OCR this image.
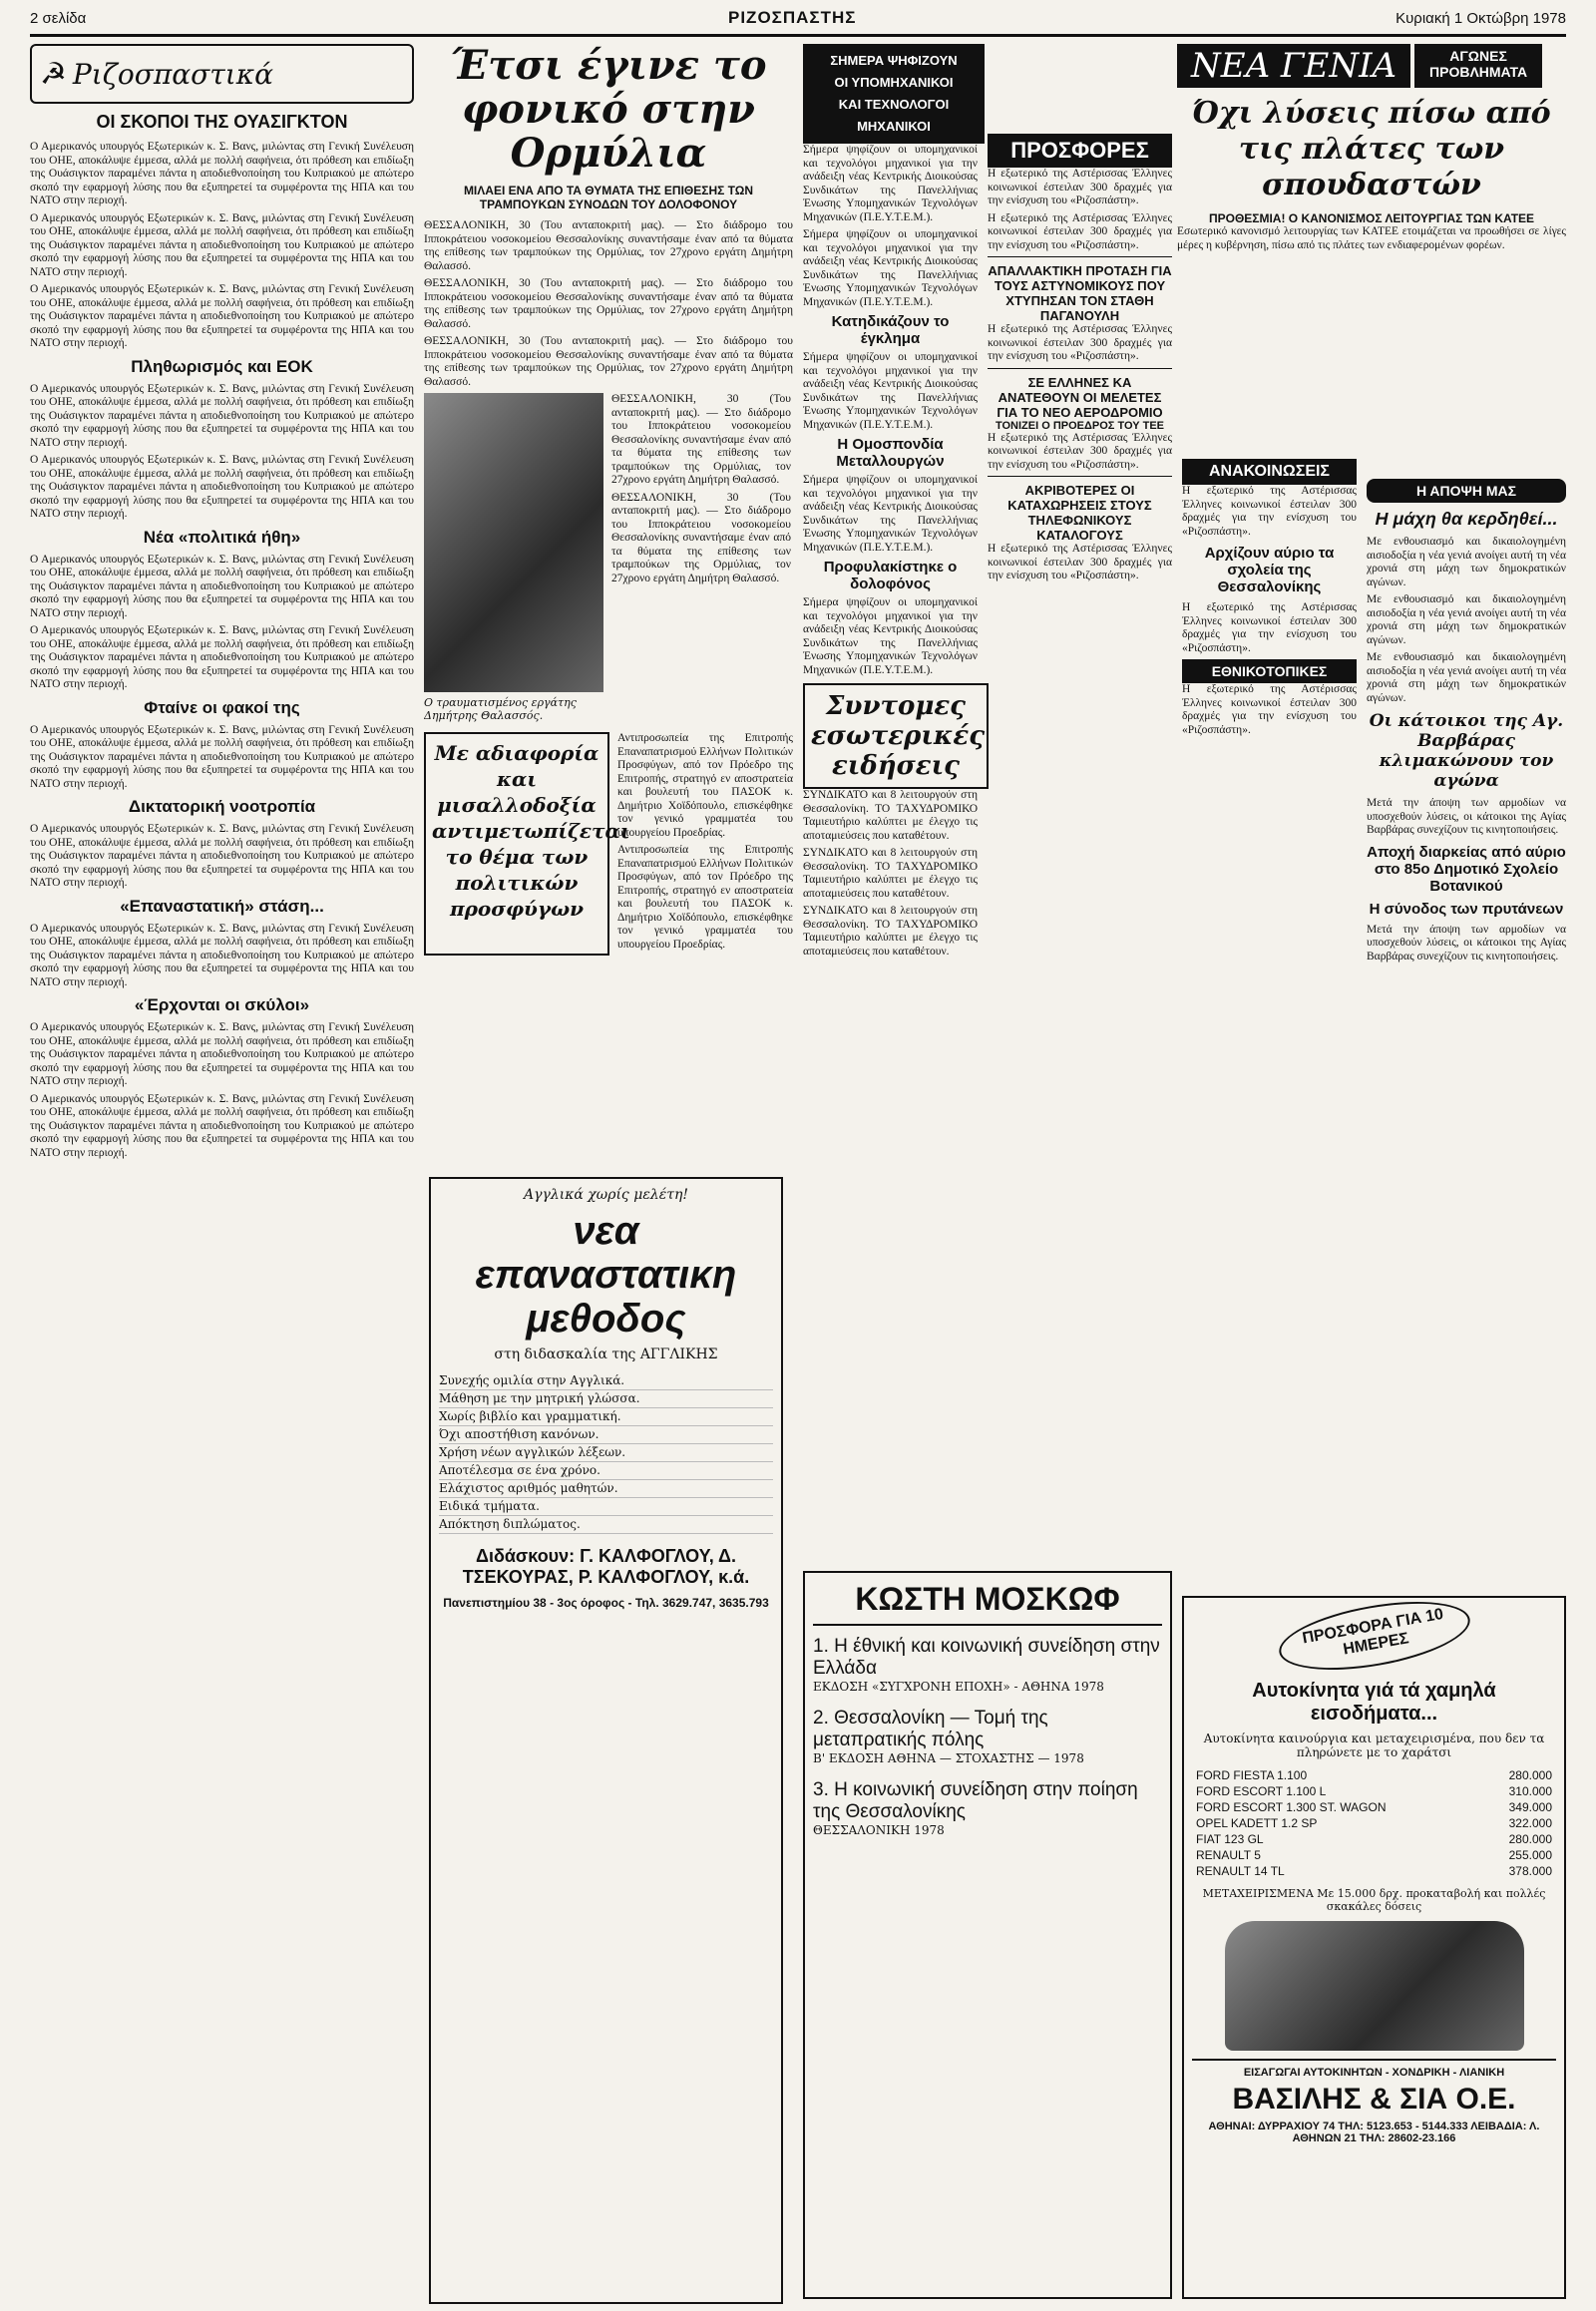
2 σελίδα	ΡΙΖΟΣΠΑΣΤΗΣ	Κυριακή 1 Οκτώβρη 1978
☭ Ριζοσπαστικά
ΟΙ ΣΚΟΠΟΙ ΤΗΣ ΟΥΑΣΙΓΚΤΟΝ

Ο Αμερικανός υπουργός Εξωτερικών κ. Σ. Βανς, μιλώντας στη Γενική Συνέλευση του ΟΗΕ, αποκάλυψε έμμεσα, αλλά με πολλή σαφήνεια, ότι πρόθεση και επιδίωξη της Ουάσιγκτον παραμένει πάντα η αποδιεθνοποίηση του Κυπριακού με απώτερο σκοπό την εφαρμογή λύσης που θα εξυπηρετεί τα συμφέροντα της ΗΠΑ και του ΝΑΤΟ στην περιοχή.

Ο Αμερικανός υπουργός Εξωτερικών κ. Σ. Βανς, μιλώντας στη Γενική Συνέλευση του ΟΗΕ, αποκάλυψε έμμεσα, αλλά με πολλή σαφήνεια, ότι πρόθεση και επιδίωξη της Ουάσιγκτον παραμένει πάντα η αποδιεθνοποίηση του Κυπριακού με απώτερο σκοπό την εφαρμογή λύσης που θα εξυπηρετεί τα συμφέροντα της ΗΠΑ και του ΝΑΤΟ στην περιοχή.

Ο Αμερικανός υπουργός Εξωτερικών κ. Σ. Βανς, μιλώντας στη Γενική Συνέλευση του ΟΗΕ, αποκάλυψε έμμεσα, αλλά με πολλή σαφήνεια, ότι πρόθεση και επιδίωξη της Ουάσιγκτον παραμένει πάντα η αποδιεθνοποίηση του Κυπριακού με απώτερο σκοπό την εφαρμογή λύσης που θα εξυπηρετεί τα συμφέροντα της ΗΠΑ και του ΝΑΤΟ στην περιοχή.

Πληθωρισμός και ΕΟΚ

Ο Αμερικανός υπουργός Εξωτερικών κ. Σ. Βανς, μιλώντας στη Γενική Συνέλευση του ΟΗΕ, αποκάλυψε έμμεσα, αλλά με πολλή σαφήνεια, ότι πρόθεση και επιδίωξη της Ουάσιγκτον παραμένει πάντα η αποδιεθνοποίηση του Κυπριακού με απώτερο σκοπό την εφαρμογή λύσης που θα εξυπηρετεί τα συμφέροντα της ΗΠΑ και του ΝΑΤΟ στην περιοχή.

Ο Αμερικανός υπουργός Εξωτερικών κ. Σ. Βανς, μιλώντας στη Γενική Συνέλευση του ΟΗΕ, αποκάλυψε έμμεσα, αλλά με πολλή σαφήνεια, ότι πρόθεση και επιδίωξη της Ουάσιγκτον παραμένει πάντα η αποδιεθνοποίηση του Κυπριακού με απώτερο σκοπό την εφαρμογή λύσης που θα εξυπηρετεί τα συμφέροντα της ΗΠΑ και του ΝΑΤΟ στην περιοχή.

Νέα «πολιτικά ήθη»

Ο Αμερικανός υπουργός Εξωτερικών κ. Σ. Βανς, μιλώντας στη Γενική Συνέλευση του ΟΗΕ, αποκάλυψε έμμεσα, αλλά με πολλή σαφήνεια, ότι πρόθεση και επιδίωξη της Ουάσιγκτον παραμένει πάντα η αποδιεθνοποίηση του Κυπριακού με απώτερο σκοπό την εφαρμογή λύσης που θα εξυπηρετεί τα συμφέροντα της ΗΠΑ και του ΝΑΤΟ στην περιοχή.

Ο Αμερικανός υπουργός Εξωτερικών κ. Σ. Βανς, μιλώντας στη Γενική Συνέλευση του ΟΗΕ, αποκάλυψε έμμεσα, αλλά με πολλή σαφήνεια, ότι πρόθεση και επιδίωξη της Ουάσιγκτον παραμένει πάντα η αποδιεθνοποίηση του Κυπριακού με απώτερο σκοπό την εφαρμογή λύσης που θα εξυπηρετεί τα συμφέροντα της ΗΠΑ και του ΝΑΤΟ στην περιοχή.

Φταίνε οι φακοί της

Ο Αμερικανός υπουργός Εξωτερικών κ. Σ. Βανς, μιλώντας στη Γενική Συνέλευση του ΟΗΕ, αποκάλυψε έμμεσα, αλλά με πολλή σαφήνεια, ότι πρόθεση και επιδίωξη της Ουάσιγκτον παραμένει πάντα η αποδιεθνοποίηση του Κυπριακού με απώτερο σκοπό την εφαρμογή λύσης που θα εξυπηρετεί τα συμφέροντα της ΗΠΑ και του ΝΑΤΟ στην περιοχή.

Δικτατορική νοοτροπία

Ο Αμερικανός υπουργός Εξωτερικών κ. Σ. Βανς, μιλώντας στη Γενική Συνέλευση του ΟΗΕ, αποκάλυψε έμμεσα, αλλά με πολλή σαφήνεια, ότι πρόθεση και επιδίωξη της Ουάσιγκτον παραμένει πάντα η αποδιεθνοποίηση του Κυπριακού με απώτερο σκοπό την εφαρμογή λύσης που θα εξυπηρετεί τα συμφέροντα της ΗΠΑ και του ΝΑΤΟ στην περιοχή.

«Επαναστατική» στάση...

Ο Αμερικανός υπουργός Εξωτερικών κ. Σ. Βανς, μιλώντας στη Γενική Συνέλευση του ΟΗΕ, αποκάλυψε έμμεσα, αλλά με πολλή σαφήνεια, ότι πρόθεση και επιδίωξη της Ουάσιγκτον παραμένει πάντα η αποδιεθνοποίηση του Κυπριακού με απώτερο σκοπό την εφαρμογή λύσης που θα εξυπηρετεί τα συμφέροντα της ΗΠΑ και του ΝΑΤΟ στην περιοχή.

«Έρχονται οι σκύλοι»

Ο Αμερικανός υπουργός Εξωτερικών κ. Σ. Βανς, μιλώντας στη Γενική Συνέλευση του ΟΗΕ, αποκάλυψε έμμεσα, αλλά με πολλή σαφήνεια, ότι πρόθεση και επιδίωξη της Ουάσιγκτον παραμένει πάντα η αποδιεθνοποίηση του Κυπριακού με απώτερο σκοπό την εφαρμογή λύσης που θα εξυπηρετεί τα συμφέροντα της ΗΠΑ και του ΝΑΤΟ στην περιοχή.

Ο Αμερικανός υπουργός Εξωτερικών κ. Σ. Βανς, μιλώντας στη Γενική Συνέλευση του ΟΗΕ, αποκάλυψε έμμεσα, αλλά με πολλή σαφήνεια, ότι πρόθεση και επιδίωξη της Ουάσιγκτον παραμένει πάντα η αποδιεθνοποίηση του Κυπριακού με απώτερο σκοπό την εφαρμογή λύσης που θα εξυπηρετεί τα συμφέροντα της ΗΠΑ και του ΝΑΤΟ στην περιοχή.

Έτσι έγινε το φονικό στην Ορμύλια
ΜΙΛΑΕΙ ΕΝΑ ΑΠΟ ΤΑ ΘΥΜΑΤΑ ΤΗΣ ΕΠΙΘΕΣΗΣ ΤΩΝ ΤΡΑΜΠΟΥΚΩΝ ΣΥΝΟΔΩΝ ΤΟΥ ΔΟΛΟΦΟΝΟΥ

ΘΕΣΣΑΛΟΝΙΚΗ, 30 (Του ανταποκριτή μας). — Στο διάδρομο του Ιπποκράτειου νοσοκομείου Θεσσαλονίκης συναντήσαμε έναν από τα θύματα της επίθεσης των τραμπούκων της Ορμύλιας, τον 27χρονο εργάτη Δημήτρη Θαλασσό.

ΘΕΣΣΑΛΟΝΙΚΗ, 30 (Του ανταποκριτή μας). — Στο διάδρομο του Ιπποκράτειου νοσοκομείου Θεσσαλονίκης συναντήσαμε έναν από τα θύματα της επίθεσης των τραμπούκων της Ορμύλιας, τον 27χρονο εργάτη Δημήτρη Θαλασσό.

ΘΕΣΣΑΛΟΝΙΚΗ, 30 (Του ανταποκριτή μας). — Στο διάδρομο του Ιπποκράτειου νοσοκομείου Θεσσαλονίκης συναντήσαμε έναν από τα θύματα της επίθεσης των τραμπούκων της Ορμύλιας, τον 27χρονο εργάτη Δημήτρη Θαλασσό.

Ο τραυματισμένος εργάτης Δημήτρης Θαλασσός.

ΘΕΣΣΑΛΟΝΙΚΗ, 30 (Του ανταποκριτή μας). — Στο διάδρομο του Ιπποκράτειου νοσοκομείου Θεσσαλονίκης συναντήσαμε έναν από τα θύματα της επίθεσης των τραμπούκων της Ορμύλιας, τον 27χρονο εργάτη Δημήτρη Θαλασσό.

ΘΕΣΣΑΛΟΝΙΚΗ, 30 (Του ανταποκριτή μας). — Στο διάδρομο του Ιπποκράτειου νοσοκομείου Θεσσαλονίκης συναντήσαμε έναν από τα θύματα της επίθεσης των τραμπούκων της Ορμύλιας, τον 27χρονο εργάτη Δημήτρη Θαλασσό.

Με αδιαφορία και μισαλλοδοξία αντιμετωπίζεται το θέμα των πολιτικών προσφύγων

Αντιπροσωπεία της Επιτροπής Επαναπατρισμού Ελλήνων Πολιτικών Προσφύγων, από τον Πρόεδρο της Επιτροπής, στρατηγό εν αποστρατεία και βουλευτή του ΠΑΣΟΚ κ. Δημήτριο Χοϊδόπουλο, επισκέφθηκε τον γενικό γραμματέα του υπουργείου Προεδρίας.

Αντιπροσωπεία της Επιτροπής Επαναπατρισμού Ελλήνων Πολιτικών Προσφύγων, από τον Πρόεδρο της Επιτροπής, στρατηγό εν αποστρατεία και βουλευτή του ΠΑΣΟΚ κ. Δημήτριο Χοϊδόπουλο, επισκέφθηκε τον γενικό γραμματέα του υπουργείου Προεδρίας.

Αγγλικά χωρίς μελέτη!
νεα επαναστατικη μεθοδος
στη διδασκαλία της ΑΓΓΛΙΚΗΣ
Συνεχής ομιλία στην Αγγλικά.
Μάθηση με την μητρική γλώσσα.
Χωρίς βιβλίο και γραμματική.
Όχι αποστήθιση κανόνων.
Χρήση νέων αγγλικών λέξεων.
Αποτέλεσμα σε ένα χρόνο.
Ελάχιστος αριθμός μαθητών.
Ειδικά τμήματα.
Απόκτηση διπλώματος.
Διδάσκουν: Γ. ΚΑΛΦΟΓΛΟΥ, Δ. ΤΣΕΚΟΥΡΑΣ, Ρ. ΚΑΛΦΟΓΛΟΥ, κ.ά.
Πανεπιστημίου 38 - 3ος όροφος - Τηλ. 3629.747, 3635.793
ΣΗΜΕΡΑ ΨΗΦΙΖΟΥΝ
ΟΙ ΥΠΟΜΗΧΑΝΙΚΟΙ
ΚΑΙ ΤΕΧΝΟΛΟΓΟΙ
ΜΗΧΑΝΙΚΟΙ

Σήμερα ψηφίζουν οι υπομηχανικοί και τεχνολόγοι μηχανικοί για την ανάδειξη νέας Κεντρικής Διοικούσας Συνδικάτων της Πανελλήνιας Ένωσης Υπομηχανικών Τεχνολόγων Μηχανικών (Π.Ε.Υ.Τ.Ε.Μ.).

Σήμερα ψηφίζουν οι υπομηχανικοί και τεχνολόγοι μηχανικοί για την ανάδειξη νέας Κεντρικής Διοικούσας Συνδικάτων της Πανελλήνιας Ένωσης Υπομηχανικών Τεχνολόγων Μηχανικών (Π.Ε.Υ.Τ.Ε.Μ.).

Κατηδικάζουν το έγκλημα

Σήμερα ψηφίζουν οι υπομηχανικοί και τεχνολόγοι μηχανικοί για την ανάδειξη νέας Κεντρικής Διοικούσας Συνδικάτων της Πανελλήνιας Ένωσης Υπομηχανικών Τεχνολόγων Μηχανικών (Π.Ε.Υ.Τ.Ε.Μ.).

Η Ομοσπονδία Μεταλλουργών

Σήμερα ψηφίζουν οι υπομηχανικοί και τεχνολόγοι μηχανικοί για την ανάδειξη νέας Κεντρικής Διοικούσας Συνδικάτων της Πανελλήνιας Ένωσης Υπομηχανικών Τεχνολόγων Μηχανικών (Π.Ε.Υ.Τ.Ε.Μ.).

Προφυλακίστηκε ο δολοφόνος

Σήμερα ψηφίζουν οι υπομηχανικοί και τεχνολόγοι μηχανικοί για την ανάδειξη νέας Κεντρικής Διοικούσας Συνδικάτων της Πανελλήνιας Ένωσης Υπομηχανικών Τεχνολόγων Μηχανικών (Π.Ε.Υ.Τ.Ε.Μ.).

Συντομες εσωτερικές ειδήσεις

ΣΥΝΔΙΚΑΤΟ και 8 λειτουργούν στη Θεσσαλονίκη. ΤΟ ΤΑΧΥΔΡΟΜΙΚΟ Ταμιευτήριο καλύπτει με έλεγχο τις αποταμιεύσεις που καταθέτουν.

ΣΥΝΔΙΚΑΤΟ και 8 λειτουργούν στη Θεσσαλονίκη. ΤΟ ΤΑΧΥΔΡΟΜΙΚΟ Ταμιευτήριο καλύπτει με έλεγχο τις αποταμιεύσεις που καταθέτουν.

ΣΥΝΔΙΚΑΤΟ και 8 λειτουργούν στη Θεσσαλονίκη. ΤΟ ΤΑΧΥΔΡΟΜΙΚΟ Ταμιευτήριο καλύπτει με έλεγχο τις αποταμιεύσεις που καταθέτουν.

ΠΡΟΣΦΟΡΕΣ

Η εξωτερικό της Αστέρισσας Έλληνες κοινωνικοί έστειλαν 300 δραχμές για την ενίσχυση του «Ριζοσπάστη».

Η εξωτερικό της Αστέρισσας Έλληνες κοινωνικοί έστειλαν 300 δραχμές για την ενίσχυση του «Ριζοσπάστη».

ΑΠΑΛΛΑΚΤΙΚΗ ΠΡΟΤΑΣΗ ΓΙΑ ΤΟΥΣ ΑΣΤΥΝΟΜΙΚΟΥΣ ΠΟΥ ΧΤΥΠΗΣΑΝ ΤΟΝ ΣΤΑΘΗ ΠΑΓΑΝΟΥΛΗ

Η εξωτερικό της Αστέρισσας Έλληνες κοινωνικοί έστειλαν 300 δραχμές για την ενίσχυση του «Ριζοσπάστη».

ΣΕ ΕΛΛΗΝΕΣ ΚΑ ΑΝΑΤΕΘΟΥΝ ΟΙ ΜΕΛΕΤΕΣ ΓΙΑ ΤΟ ΝΕΟ ΑΕΡΟΔΡΟΜΙΟ
ΤΟΝΙΖΕΙ Ο ΠΡΟΕΔΡΟΣ ΤΟΥ ΤΕΕ

Η εξωτερικό της Αστέρισσας Έλληνες κοινωνικοί έστειλαν 300 δραχμές για την ενίσχυση του «Ριζοσπάστη».

ΑΚΡΙΒΟΤΕΡΕΣ ΟΙ ΚΑΤΑΧΩΡΗΣΕΙΣ ΣΤΟΥΣ ΤΗΛΕΦΩΝΙΚΟΥΣ ΚΑΤΑΛΟΓΟΥΣ

Η εξωτερικό της Αστέρισσας Έλληνες κοινωνικοί έστειλαν 300 δραχμές για την ενίσχυση του «Ριζοσπάστη».

ΑΝΑΚΟΙΝΩΣΕΙΣ

Η εξωτερικό της Αστέρισσας Έλληνες κοινωνικοί έστειλαν 300 δραχμές για την ενίσχυση του «Ριζοσπάστη».

Αρχίζουν αύριο τα σχολεία της Θεσσαλονίκης

Η εξωτερικό της Αστέρισσας Έλληνες κοινωνικοί έστειλαν 300 δραχμές για την ενίσχυση του «Ριζοσπάστη».

ΕΘΝΙΚΟΤΟΠΙΚΕΣ

Η εξωτερικό της Αστέρισσας Έλληνες κοινωνικοί έστειλαν 300 δραχμές για την ενίσχυση του «Ριζοσπάστη».

ΝΕΑ ΓΕΝΙΑ	ΑΓΩΝΕΣ ΠΡΟΒΛΗΜΑΤΑ
Όχι λύσεις πίσω από τις πλάτες των σπουδαστών
ΠΡΟΘΕΣΜΙΑ! Ο ΚΑΝΟΝΙΣΜΟΣ ΛΕΙΤΟΥΡΓΙΑΣ ΤΩΝ ΚΑΤΕΕ

Εσωτερικό κανονισμό λειτουργίας των ΚΑΤΕΕ ετοιμάζεται να προωθήσει σε λίγες μέρες η κυβέρνηση, πίσω από τις πλάτες των ενδιαφερομένων φορέων.

Η ΑΠΟΨΗ ΜΑΣ
Η μάχη θα κερδηθεί...

Με ενθουσιασμό και δικαιολογημένη αισιοδοξία η νέα γενιά ανοίγει αυτή τη νέα χρονιά στη μάχη των δημοκρατικών αγώνων.

Με ενθουσιασμό και δικαιολογημένη αισιοδοξία η νέα γενιά ανοίγει αυτή τη νέα χρονιά στη μάχη των δημοκρατικών αγώνων.

Με ενθουσιασμό και δικαιολογημένη αισιοδοξία η νέα γενιά ανοίγει αυτή τη νέα χρονιά στη μάχη των δημοκρατικών αγώνων.

Οι κάτοικοι της Αγ. Βαρβάρας κλιμακώνουν τον αγώνα

Μετά την άποψη των αρμοδίων να υποσχεθούν λύσεις, οι κάτοικοι της Αγίας Βαρβάρας συνεχίζουν τις κινητοποιήσεις.

Αποχή διαρκείας από αύριο στο 85ο Δημοτικό Σχολείο Βοτανικού
Η σύνοδος των πρυτάνεων

Μετά την άποψη των αρμοδίων να υποσχεθούν λύσεις, οι κάτοικοι της Αγίας Βαρβάρας συνεχίζουν τις κινητοποιήσεις.

ΚΩΣΤΗ ΜΟΣΚΩΦ
1. Η έθνική και κοινωνική συνείδηση στην Ελλάδα
ΕΚΔΟΣΗ «ΣΥΓΧΡΟΝΗ ΕΠΟΧΗ» - ΑΘΗΝΑ 1978
2. Θεσσαλονίκη — Τομή της μεταπρατικής πόλης
Β' ΕΚΔΟΣΗ ΑΘΗΝΑ — ΣΤΟΧΑΣΤΗΣ — 1978
3. Η κοινωνική συνείδηση στην ποίηση της Θεσσαλονίκης
ΘΕΣΣΑΛΟΝΙΚΗ 1978
ΠΡΟΣΦΟΡΑ ΓΙΑ 10 ΗΜΕΡΕΣ
Αυτοκίνητα γιά τά χαμηλά εισοδήματα...
Αυτοκίνητα καινούργια και μεταχειρισμένα, που δεν τα πληρώνετε με το χαράτσι
FORD FIESTA 1.100	280.000
FORD ESCORT 1.100 L	310.000
FORD ESCORT 1.300 ST. WAGON	349.000
OPEL KADETT 1.2 SP	322.000
FIAT 123 GL	280.000
RENAULT 5	255.000
RENAULT 14 TL	378.000
ΜΕΤΑΧΕΙΡΙΣΜΕΝΑ Με 15.000 δρχ. προκαταβολή και πολλές σκακάλες δόσεις
ΕΙΣΑΓΩΓΑΙ ΑΥΤΟΚΙΝΗΤΩΝ - ΧΟΝΔΡΙΚΗ - ΛΙΑΝΙΚΗ
ΒΑΣΙΛΗΣ & ΣΙΑ Ο.Ε.
ΑΘΗΝΑΙ: ΔΥΡΡΑΧΙΟΥ 74 ΤΗΛ: 5123.653 - 5144.333 ΛΕΙΒΑΔΙΑ: Λ. ΑΘΗΝΩΝ 21 ΤΗΛ: 28602-23.166
